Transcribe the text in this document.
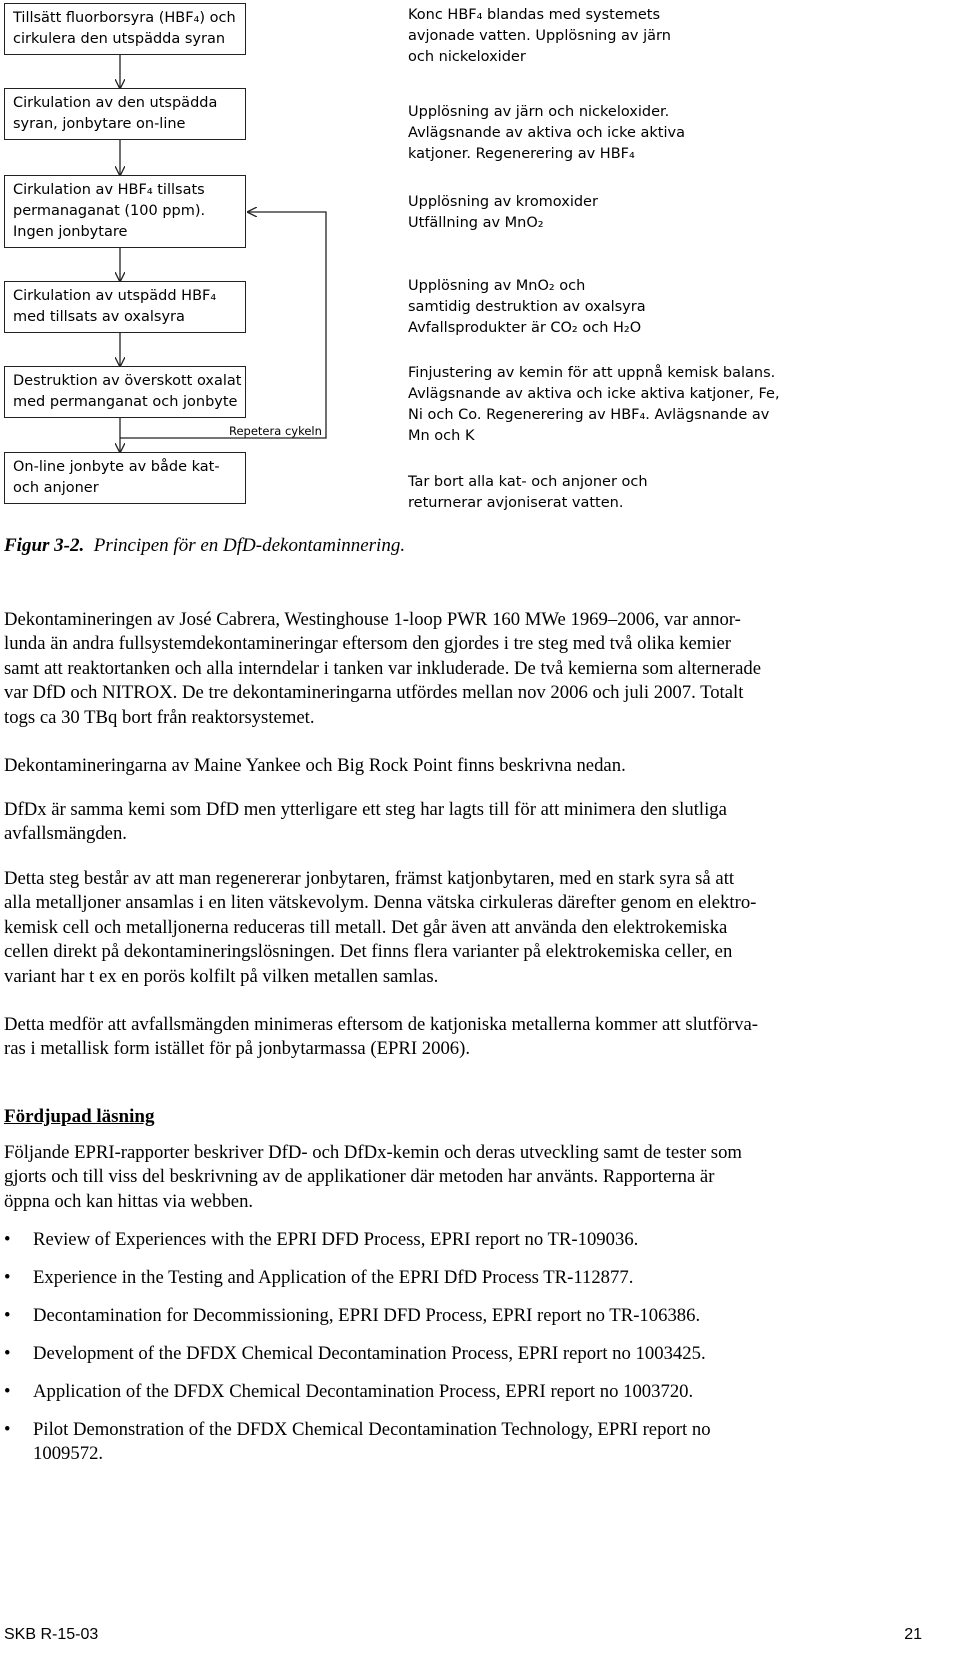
Tillsätt fluorborsyra (HBF₄) och
cirkulera den utspädda syran
Cirkulation av den utspädda
syran, jonbytare on-line
Cirkulation av HBF₄ tillsats
permanaganat (100 ppm).
Ingen jonbytare
Cirkulation av utspädd HBF₄
med tillsats av oxalsyra
Destruktion av överskott oxalat
med permanganat och jonbyte
On-line jonbyte av både kat-
och anjoner
Repetera cykeln
Konc HBF₄ blandas med systemets
avjonade vatten. Upplösning av järn
och nickeloxider
Upplösning av järn och nickeloxider.
Avlägsnande av aktiva och icke aktiva
katjoner. Regenerering av HBF₄
Upplösning av kromoxider
Utfällning av MnO₂
Upplösning av MnO₂ och
samtidig destruktion av oxalsyra
Avfallsprodukter är CO₂ och H₂O
Finjustering av kemin för att uppnå kemisk balans.
Avlägsnande av aktiva och icke aktiva katjoner, Fe,
Ni och Co. Regenerering av HBF₄. Avlägsnande av
Mn och K
Tar bort alla kat- och anjoner och
returnerar avjoniserat vatten.
Figur 3-2. Principen för en DfD-dekontaminnering.
Dekontamineringen av José Cabrera, Westinghouse 1-loop PWR 160 MWe 1969–2006, var annor-
lunda än andra fullsystemdekontamineringar eftersom den gjordes i tre steg med två olika kemier
samt att reaktortanken och alla interndelar i tanken var inkluderade. De två kemierna som alternerade
var DfD och NITROX. De tre dekontamineringarna utfördes mellan nov 2006 och juli 2007. Totalt
togs ca 30 TBq bort från reaktorsystemet.
Dekontamineringarna av Maine Yankee och Big Rock Point finns beskrivna nedan.
DfDx är samma kemi som DfD men ytterligare ett steg har lagts till för att minimera den slutliga
avfallsmängden.
Detta steg består av att man regenererar jonbytaren, främst katjonbytaren, med en stark syra så att
alla metalljoner ansamlas i en liten vätskevolym. Denna vätska cirkuleras därefter genom en elektro-
kemisk cell och metalljonerna reduceras till metall. Det går även att använda den elektrokemiska
cellen direkt på dekontamineringslösningen. Det finns flera varianter på elektrokemiska celler, en
variant har t ex en porös kolfilt på vilken metallen samlas.
Detta medför att avfallsmängden minimeras eftersom de katjoniska metallerna kommer att slutförva-
ras i metallisk form istället för på jonbytarmassa (EPRI 2006).
Fördjupad läsning
Följande EPRI-rapporter beskriver DfD- och DfDx-kemin och deras utveckling samt de tester som
gjorts och till viss del beskrivning av de applikationer där metoden har använts. Rapporterna är
öppna och kan hittas via webben.
• Review of Experiences with the EPRI DFD Process, EPRI report no TR-109036.
• Experience in the Testing and Application of the EPRI DfD Process TR-112877.
• Decontamination for Decommissioning, EPRI DFD Process, EPRI report no TR-106386.
• Development of the DFDX Chemical Decontamination Process, EPRI report no 1003425.
• Application of the DFDX Chemical Decontamination Process, EPRI report no 1003720.
• Pilot Demonstration of the DFDX Chemical Decontamination Technology, EPRI report no
1009572.
SKB R-15-03	21
